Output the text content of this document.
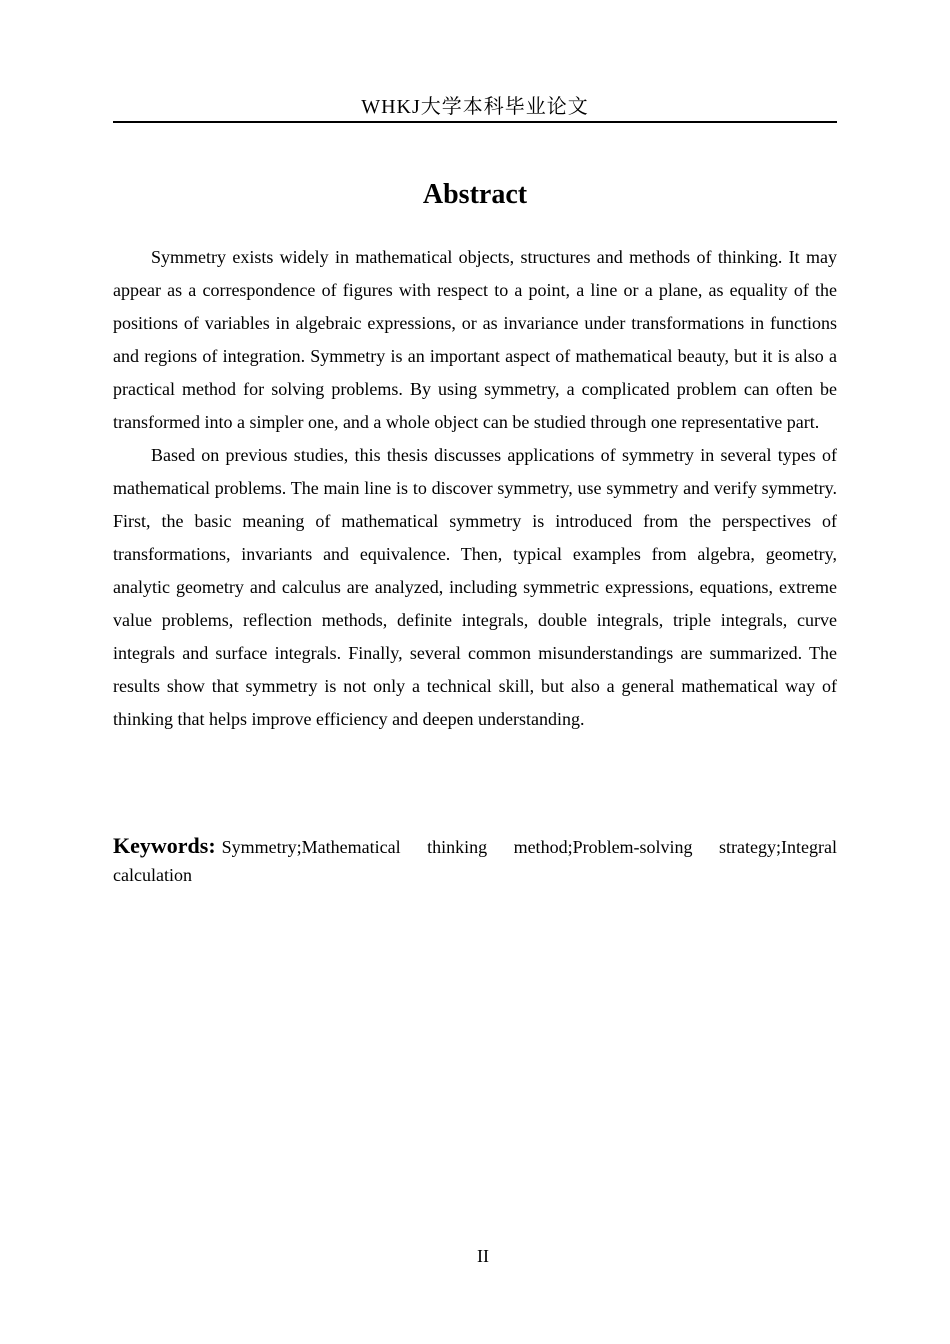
WHKJ大学本科毕业论文
Abstract

Symmetry exists widely in mathematical objects, structures and methods of thinking. It may appear as a correspondence of figures with respect to a point, a line or a plane, as equality of the positions of variables in algebraic expressions, or as invariance under transformations in functions and regions of integration. Symmetry is an important aspect of mathematical beauty, but it is also a practical method for solving problems. By using symmetry, a complicated problem can often be transformed into a simpler one, and a whole object can be studied through one representative part.

Based on previous studies, this thesis discusses applications of symmetry in several types of mathematical problems. The main line is to discover symmetry, use symmetry and verify symmetry. First, the basic meaning of mathematical symmetry is introduced from the perspectives of transformations, invariants and equivalence. Then, typical examples from algebra, geometry, analytic geometry and calculus are analyzed, including symmetric expressions, equations, extreme value problems, reflection methods, definite integrals, double integrals, triple integrals, curve integrals and surface integrals. Finally, several common misunderstandings are summarized. The results show that symmetry is not only a technical skill, but also a general mathematical way of thinking that helps improve efficiency and deepen understanding.

Keywords: Symmetry;Mathematical thinking method;Problem-solving strategy;Integral calculation
II
